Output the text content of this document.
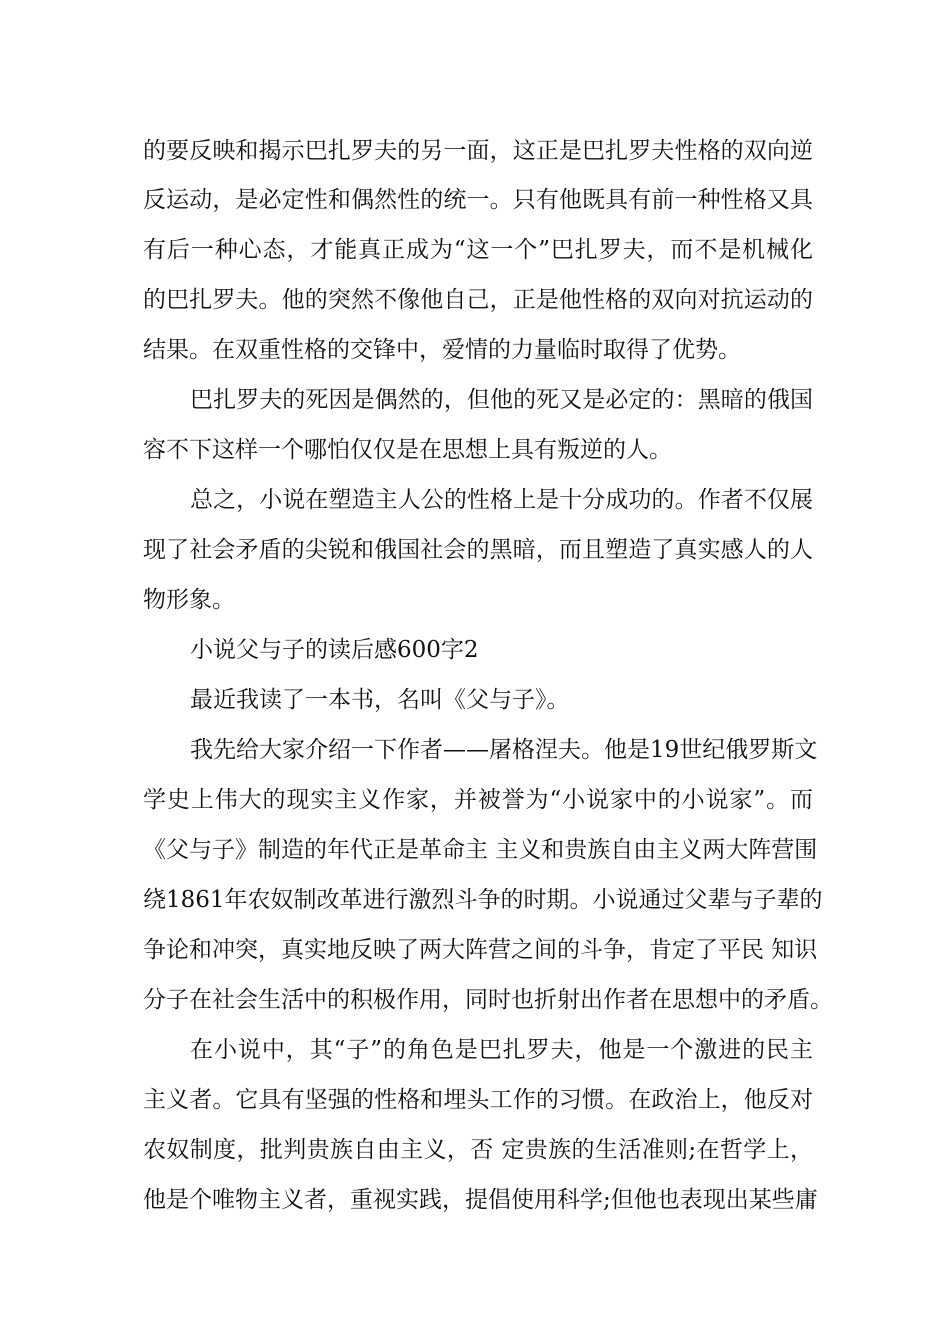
的要反映和揭示巴扎罗夫的另一面，这正是巴扎罗夫性格的双向逆
反运动，是必定性和偶然性的统一。只有他既具有前一种性格又具
有后一种心态，才能真正成为“这一个”巴扎罗夫，而不是机械化
的巴扎罗夫。他的突然不像他自己，正是他性格的双向对抗运动的
结果。在双重性格的交锋中，爱情的力量临时取得了优势。
巴扎罗夫的死因是偶然的，但他的死又是必定的：黑暗的俄国
容不下这样一个哪怕仅仅是在思想上具有叛逆的人。
总之，小说在塑造主人公的性格上是十分成功的。作者不仅展
现了社会矛盾的尖锐和俄国社会的黑暗，而且塑造了真实感人的人
物形象。
小说父与子的读后感600字2
最近我读了一本书，名叫《父与子》。
我先给大家介绍一下作者——屠格涅夫。他是19世纪俄罗斯文
学史上伟大的现实主义作家，并被誉为“小说家中的小说家”。而
《父与子》制造的年代正是革命主 主义和贵族自由主义两大阵营围
绕1861年农奴制改革进行激烈斗争的时期。小说通过父辈与子辈的
争论和冲突，真实地反映了两大阵营之间的斗争，肯定了平民 知识
分子在社会生活中的积极作用，同时也折射出作者在思想中的矛盾。
在小说中，其“子”的角色是巴扎罗夫，他是一个激进的民主
主义者。它具有坚强的性格和埋头工作的习惯。在政治上，他反对
农奴制度，批判贵族自由主义，否 定贵族的生活准则;在哲学上，
他是个唯物主义者，重视实践，提倡使用科学;但他也表现出某些庸
